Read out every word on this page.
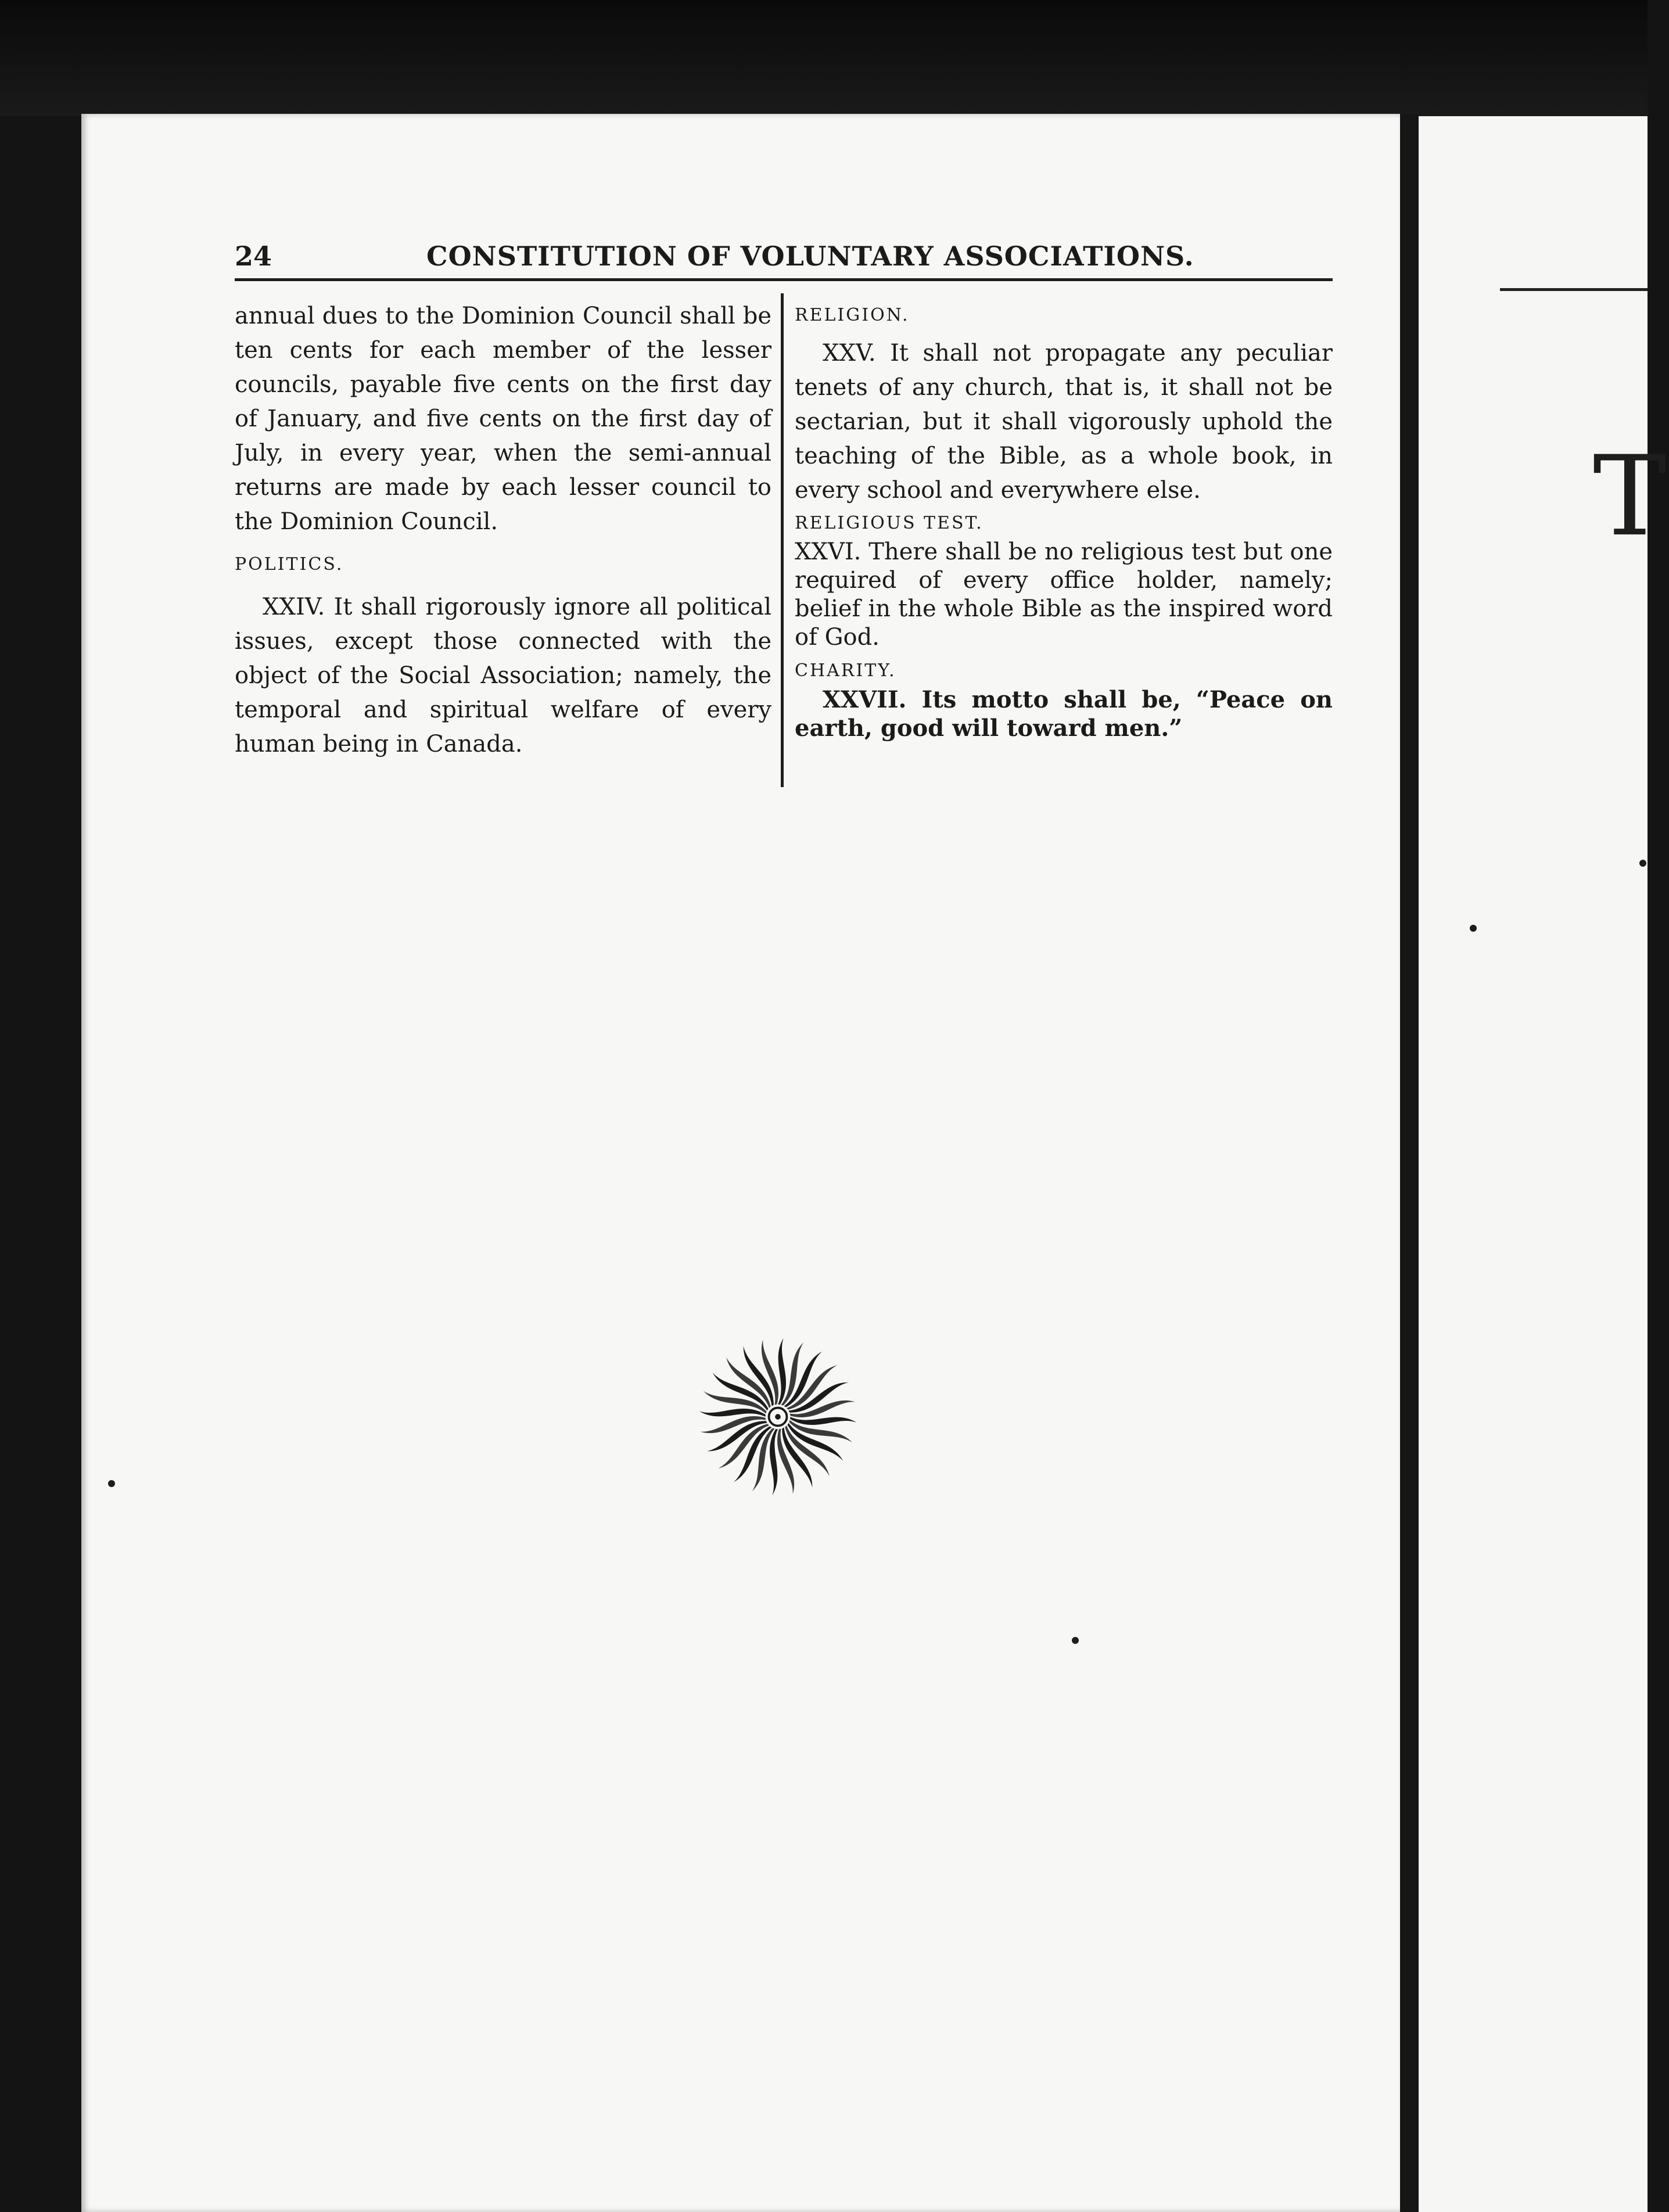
T
24	CONSTITUTION OF VOLUNTARY ASSOCIATIONS.

annual dues to the Dominion Council shall be ten cents for each member of the lesser councils, payable five cents on the first day of January, and five cents on the first day of July, in every year, when the semi-annual returns are made by each lesser council to the Dominion Council.

POLITICS.

XXIV. It shall rigorously ignore all political issues, except those connected with the object of the Social Association; namely, the temporal and spiritual welfare of every human being in Canada.

RELIGION.

XXV. It shall not propagate any peculiar tenets of any church, that is, it shall not be sectarian, but it shall vigorously uphold the teaching of the Bible, as a whole book, in every school and everywhere else.

RELIGIOUS TEST.

XXVI. There shall be no religious test but one required of every office holder, namely; belief in the whole Bible as the inspired word of God.

CHARITY.

XXVII. Its motto shall be, “Peace on earth, good will toward men.”
